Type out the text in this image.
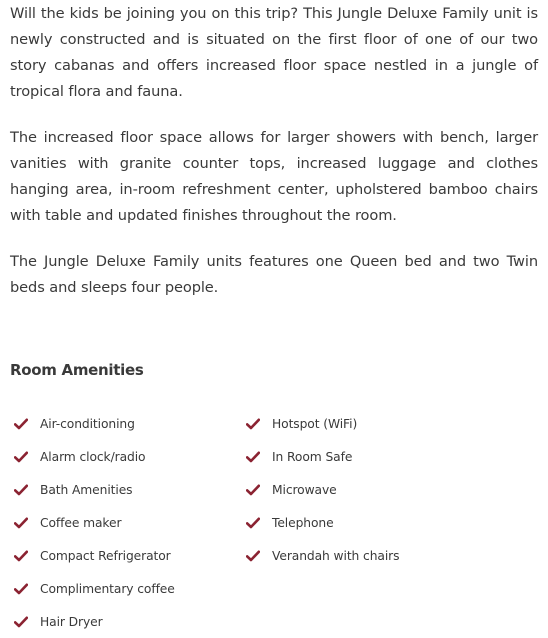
Will the kids be joining you on this trip? This Jungle Deluxe Family unit is newly constructed and is situated on the first floor of one of our two story cabanas and offers increased floor space nestled in a jungle of tropical flora and fauna.

The increased floor space allows for larger showers with bench, larger vanities with granite counter tops, increased luggage and clothes hanging area, in-room refreshment center, upholstered bamboo chairs with table and updated finishes throughout the room.

The Jungle Deluxe Family units features one Queen bed and two Twin beds and sleeps four people.

Room Amenities
Air-conditioning
Alarm clock/radio
Bath Amenities
Coffee maker
Compact Refrigerator
Complimentary coffee
Hair Dryer
Hotspot (WiFi)
In Room Safe
Microwave
Telephone
Verandah with chairs
